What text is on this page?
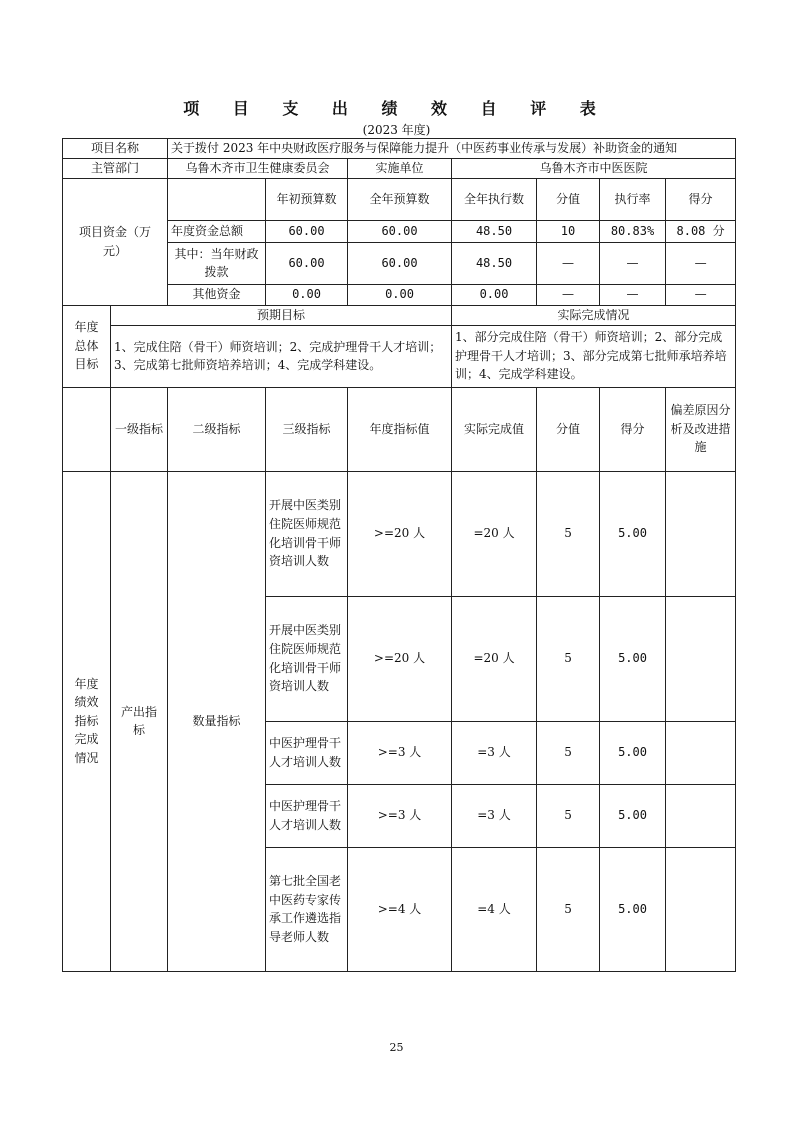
项 目 支 出 绩 效 自 评 表
(2023 年度)
项目名称		关于拨付 2023 年中央财政医疗服务与保障能力提升（中医药事业传承与发展）补助资金的通知						
主管部门		乌鲁木齐市卫生健康委员会		实施单位	乌鲁木齐市中医医院			

项目资金（万元）			年初预算数	全年预算数	全年执行数	分值	执行率	得分
		年度资金总额	60.00	60.00	48.50	10	80.83%	8.08 分
		其中：当年财政拨款	60.00	60.00	48.50	—	—	—
		其他资金	0.00	0.00	0.00	—	—	—

年度总体目标	预期目标				实际完成情况			
	1、完成住陪（骨干）师资培训；2、完成护理骨干人才培训；3、完成第七批师资培养培训；4、完成学科建设。				1、部分完成住陪（骨干）师资培训；2、部分完成护理骨干人才培训；3、部分完成第七批师承培养培训；4、完成学科建设。			
	一级指标	二级指标	三级指标	年度指标值	实际完成值	分值	得分	偏差原因分析及改进措施

年度绩效指标完成情况	产出指标	数量指标	开展中医类别住院医师规范化培训骨干师资培训人数	>=20 人	=20 人	5	5.00	
			开展中医类别住院医师规范化培训骨干师资培训人数	>=20 人	=20 人	5	5.00	
			中医护理骨干人才培训人数	>=3 人	=3 人	5	5.00	
			中医护理骨干人才培训人数	>=3 人	=3 人	5	5.00	
			第七批全国老中医药专家传承工作遴选指导老师人数	>=4 人	=4 人	5	5.00	
25
